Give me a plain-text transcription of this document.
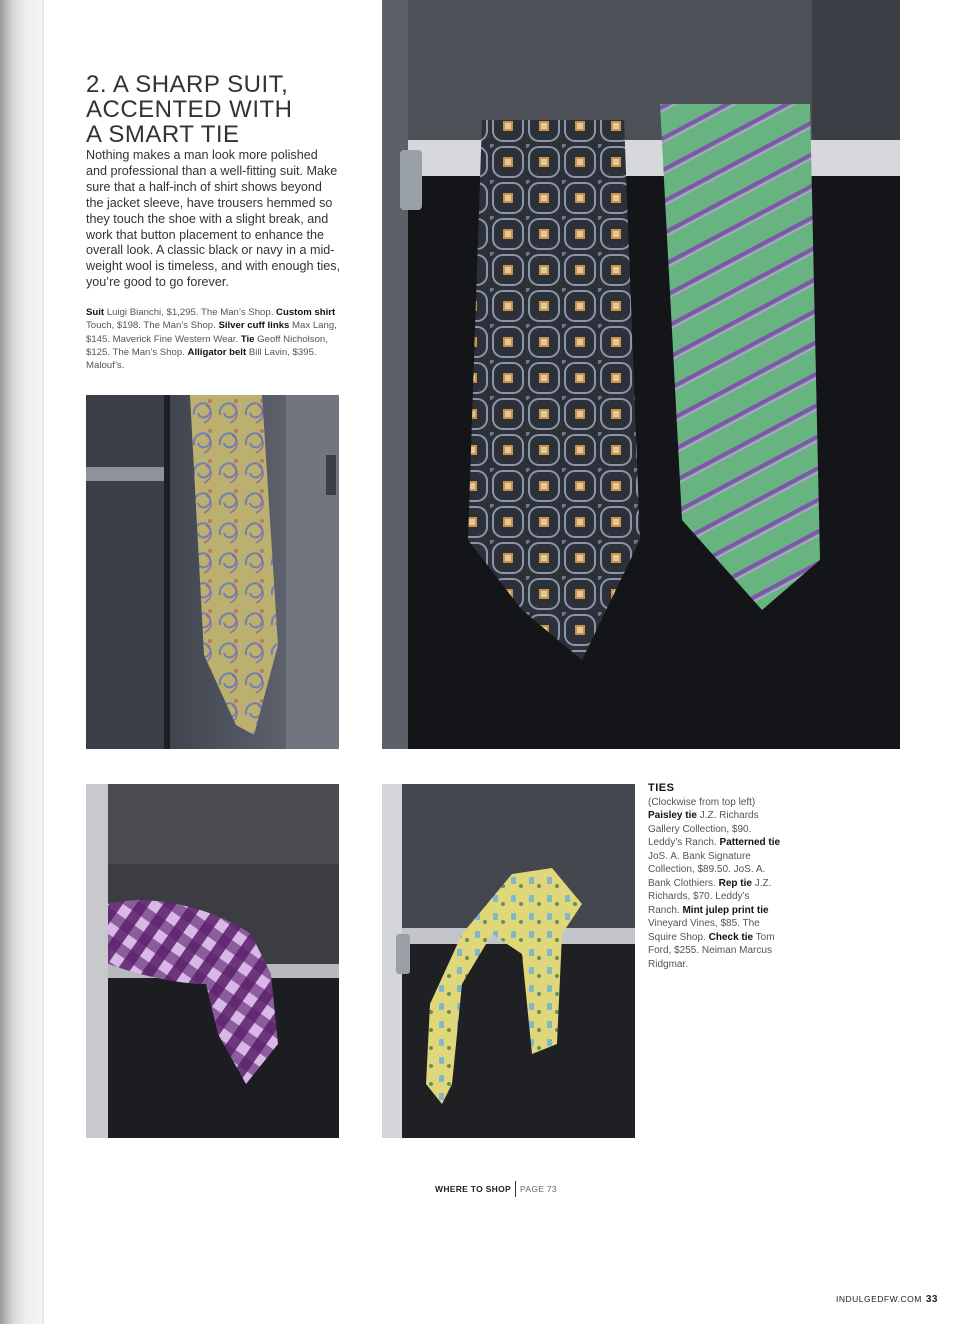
2. A SHARP SUIT,
ACCENTED WITH
A SMART TIE

Nothing makes a man look more polished and professional than a well-fitting suit. Make sure that a half-inch of shirt shows beyond the jacket sleeve, have trousers hemmed so they touch the shoe with a slight break, and work that button placement to enhance the overall look. A classic black or navy in a mid-weight wool is timeless, and with enough ties, you’re good to go forever.

Suit Luigi Bianchi, $1,295. The Man’s Shop. Custom shirt Touch, $198. The Man’s Shop. Silver cuff links Max Lang, $145. Maverick Fine Western Wear. Tie Geoff Nicholson, $125. The Man’s Shop. Alligator belt Bill Lavin, $395. Malouf’s.

TIES

(Clockwise from top left)

Paisley tie J.Z. Richards Gallery Collection, $90. Leddy’s Ranch. Patterned tie JoS. A. Bank Signature Collection, $89.50. JoS. A. Bank Clothiers. Rep tie J.Z. Richards, $70. Leddy’s Ranch. Mint julep print tie Vineyard Vines, $85. The Squire Shop. Check tie Tom Ford, $255. Neiman Marcus Ridgmar.

WHERE TO SHOP PAGE 73
INDULGEDFW.COM 33
